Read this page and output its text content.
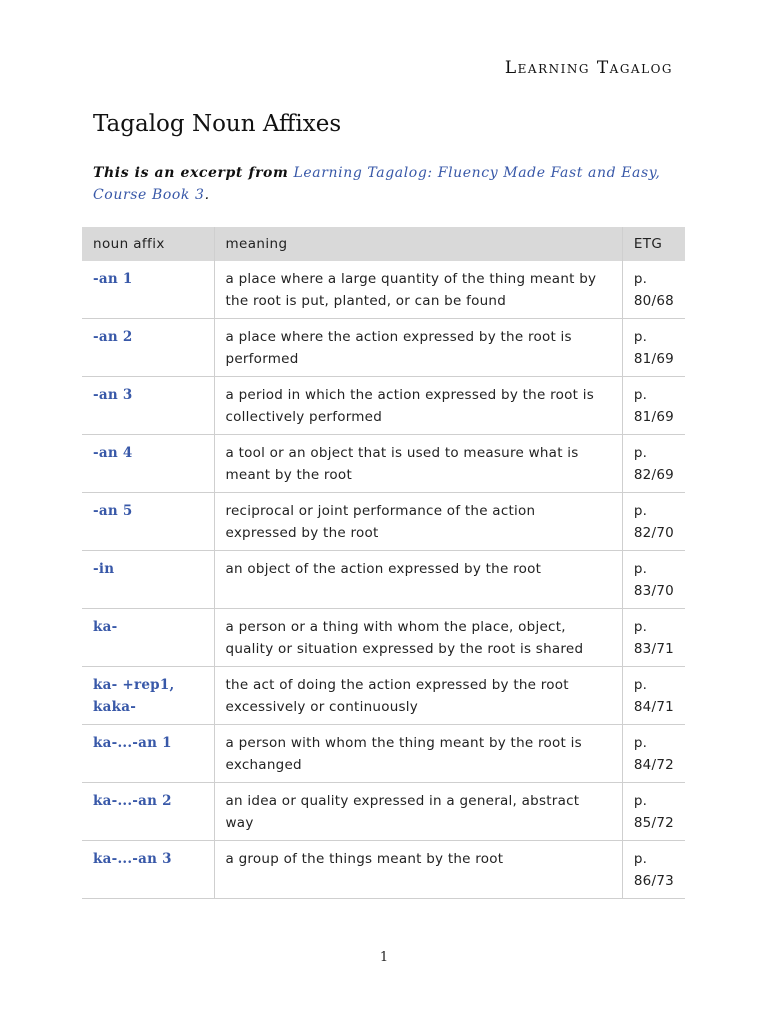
Learning Tagalog
Tagalog Noun Affixes

This is an excerpt from Learning Tagalog: Fluency Made Fast and Easy, Course Book 3.

noun affix	meaning	ETG
-an 1	a place where a large quantity of the thing meant by the root is put, planted, or can be found	p. 80/68
-an 2	a place where the action expressed by the root is performed	p. 81/69
-an 3	a period in which the action expressed by the root is collectively performed	p. 81/69
-an 4	a tool or an object that is used to measure what is meant by the root	p. 82/69
-an 5	reciprocal or joint performance of the action expressed by the root	p. 82/70
-in	an object of the action expressed by the root	p. 83/70
ka-	a person or a thing with whom the place, object, quality or situation expressed by the root is shared	p. 83/71
ka- +rep1, kaka-	the act of doing the action expressed by the root excessively or continuously	p. 84/71
ka-...-an 1	a person with whom the thing meant by the root is exchanged	p. 84/72
ka-...-an 2	an idea or quality expressed in a general, abstract way	p. 85/72
ka-...-an 3	a group of the things meant by the root	p. 86/73
1
